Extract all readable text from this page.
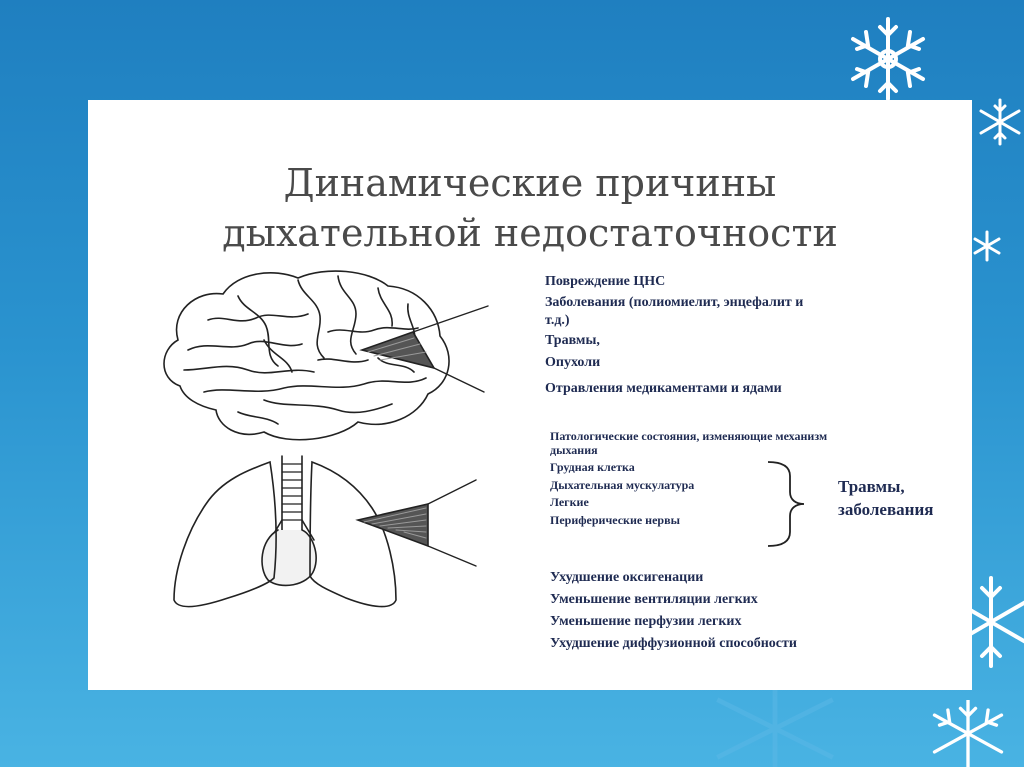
Динамические причины
дыхательной недостаточности
Повреждение ЦНС
Заболевания (полиомиелит, энцефалит и
т.д.)
Травмы,
Опухоли
Отравления медикаментами и ядами
Патологические состояния, изменяющие механизм
дыхания
Грудная клетка
Дыхательная мускулатура
Легкие
Периферические нервы
Травмы,
заболевания
Ухудшение оксигенации
Уменьшение вентиляции легких
Уменьшение перфузии легких
Ухудшение диффузионной способности
